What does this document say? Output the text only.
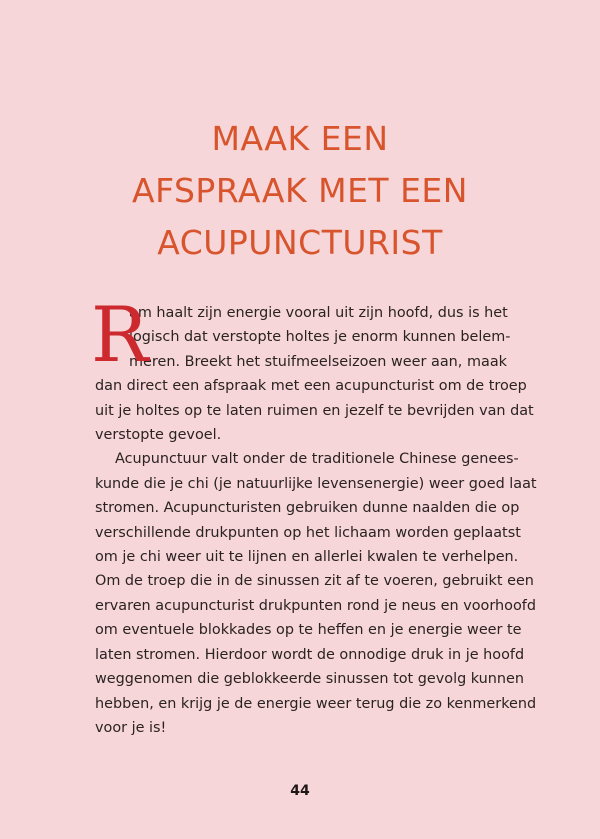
MAAK EEN
AFSPRAAK MET EEN
ACUPUNCTURIST
R

am haalt zijn energie vooral uit zijn hoofd, dus is het
logisch dat verstopte holtes je enorm kunnen belem-
meren. Breekt het stuifmeelseizoen weer aan, maak
dan direct een afspraak met een acupuncturist om de troep
uit je holtes op te laten ruimen en jezelf te bevrijden van dat
verstopte gevoel.

Acupunctuur valt onder de traditionele Chinese genees-
kunde die je chi (je natuurlijke levensenergie) weer goed laat
stromen. Acupuncturisten gebruiken dunne naalden die op
verschillende drukpunten op het lichaam worden geplaatst
om je chi weer uit te lijnen en allerlei kwalen te verhelpen.
Om de troep die in de sinussen zit af te voeren, gebruikt een
ervaren acupuncturist drukpunten rond je neus en voorhoofd
om eventuele blokkades op te heffen en je energie weer te
laten stromen. Hierdoor wordt de onnodige druk in je hoofd
weggenomen die geblokkeerde sinussen tot gevolg kunnen
hebben, en krijg je de energie weer terug die zo kenmerkend
voor je is!

44
